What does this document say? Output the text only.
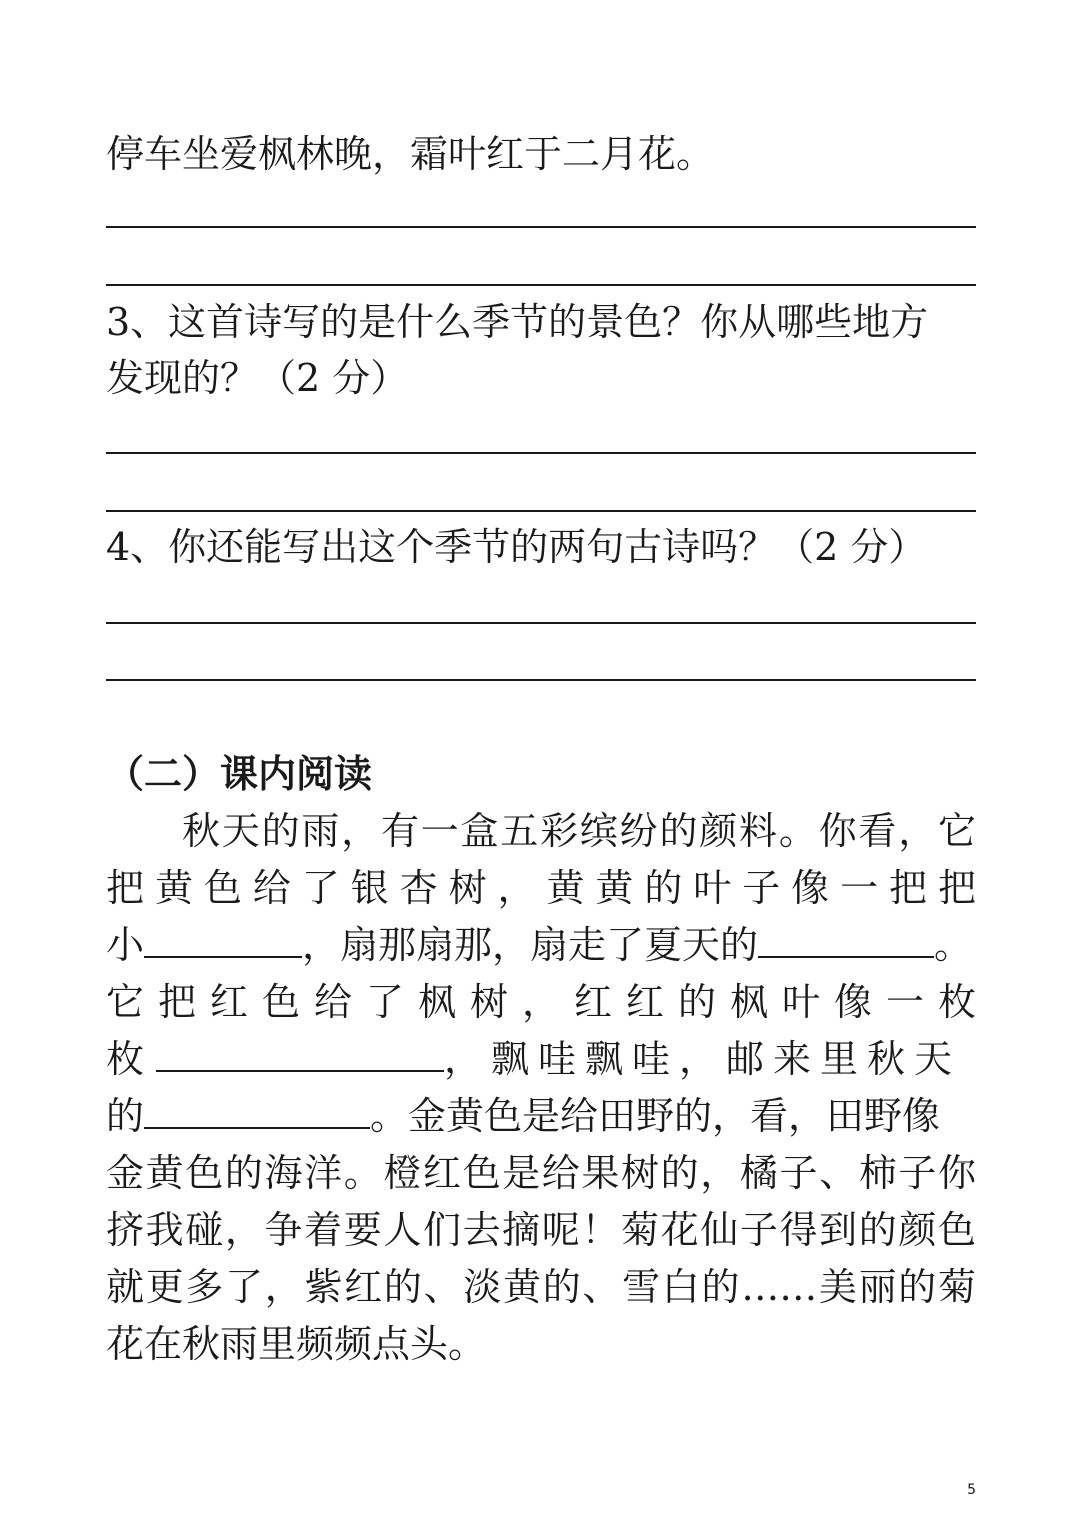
停车坐爱枫林晚，霜叶红于二月花。
3、这首诗写的是什么季节的景色？你从哪些地方
发现的？（2 分）
4、你还能写出这个季节的两句古诗吗？（2 分）
（二）课内阅读
秋天的雨，有一盒五彩缤纷的颜料。你看，它
把黄色给了银杏树，黄黄的叶子像一把把
小	，扇那扇那，扇走了夏天的	。
它把红色给了枫树，红红的枫叶像一枚
枚	，飘哇飘哇，邮来里秋天
的	。金黄色是给田野的，看，田野像
金黄色的海洋。橙红色是给果树的，橘子、柿子你
挤我碰，争着要人们去摘呢！菊花仙子得到的颜色
就更多了，紫红的、淡黄的、雪白的……美丽的菊
花在秋雨里频频点头。
5
